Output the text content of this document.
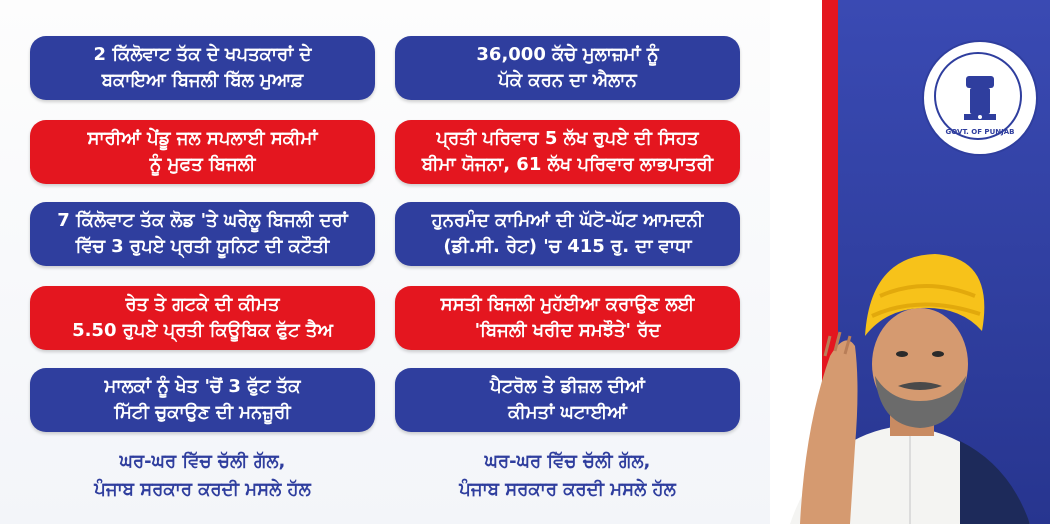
2 ਕਿੱਲੋਵਾਟ ਤੱਕ ਦੇ ਖਪਤਕਾਰਾਂ ਦੇ
ਬਕਾਇਆ ਬਿਜਲੀ ਬਿੱਲ ਮੁਆਫ਼
ਸਾਰੀਆਂ ਪੇਂਡੂ ਜਲ ਸਪਲਾਈ ਸਕੀਮਾਂ
ਨੂੰ ਮੁਫਤ ਬਿਜਲੀ
7 ਕਿੱਲੋਵਾਟ ਤੱਕ ਲੋਡ 'ਤੇ ਘਰੇਲੂ ਬਿਜਲੀ ਦਰਾਂ
ਵਿੱਚ 3 ਰੁਪਏ ਪ੍ਰਤੀ ਯੂਨਿਟ ਦੀ ਕਟੌਤੀ
ਰੇਤ ਤੇ ਗਟਕੇ ਦੀ ਕੀਮਤ
5.50 ਰੁਪਏ ਪ੍ਰਤੀ ਕਿਊਬਿਕ ਫੁੱਟ ਤੈਅ
ਮਾਲਕਾਂ ਨੂੰ ਖੇਤ 'ਚੋਂ 3 ਫੁੱਟ ਤੱਕ
ਮਿੱਟੀ ਚੁਕਾਉਣ ਦੀ ਮਨਜ਼ੂਰੀ
36,000 ਕੱਚੇ ਮੁਲਾਜ਼ਮਾਂ ਨੂੰ
ਪੱਕੇ ਕਰਨ ਦਾ ਐਲਾਨ
ਪ੍ਰਤੀ ਪਰਿਵਾਰ 5 ਲੱਖ ਰੁਪਏ ਦੀ ਸਿਹਤ
ਬੀਮਾ ਯੋਜਨਾ, 61 ਲੱਖ ਪਰਿਵਾਰ ਲਾਭਪਾਤਰੀ
ਹੁਨਰਮੰਦ ਕਾਮਿਆਂ ਦੀ ਘੱਟੋ-ਘੱਟ ਆਮਦਨੀ
(ਡੀ.ਸੀ. ਰੇਟ) 'ਚ 415 ਰੁ. ਦਾ ਵਾਧਾ
ਸਸਤੀ ਬਿਜਲੀ ਮੁਹੱਈਆ ਕਰਾਉਣ ਲਈ
'ਬਿਜਲੀ ਖਰੀਦ ਸਮਝੌਤੇ' ਰੱਦ
ਪੈਟਰੋਲ ਤੇ ਡੀਜ਼ਲ ਦੀਆਂ
ਕੀਮਤਾਂ ਘਟਾਈਆਂ
ਘਰ-ਘਰ ਵਿੱਚ ਚੱਲੀ ਗੱਲ,
ਪੰਜਾਬ ਸਰਕਾਰ ਕਰਦੀ ਮਸਲੇ ਹੱਲ
ਘਰ-ਘਰ ਵਿੱਚ ਚੱਲੀ ਗੱਲ,
ਪੰਜਾਬ ਸਰਕਾਰ ਕਰਦੀ ਮਸਲੇ ਹੱਲ
GOVT. OF PUNJAB
